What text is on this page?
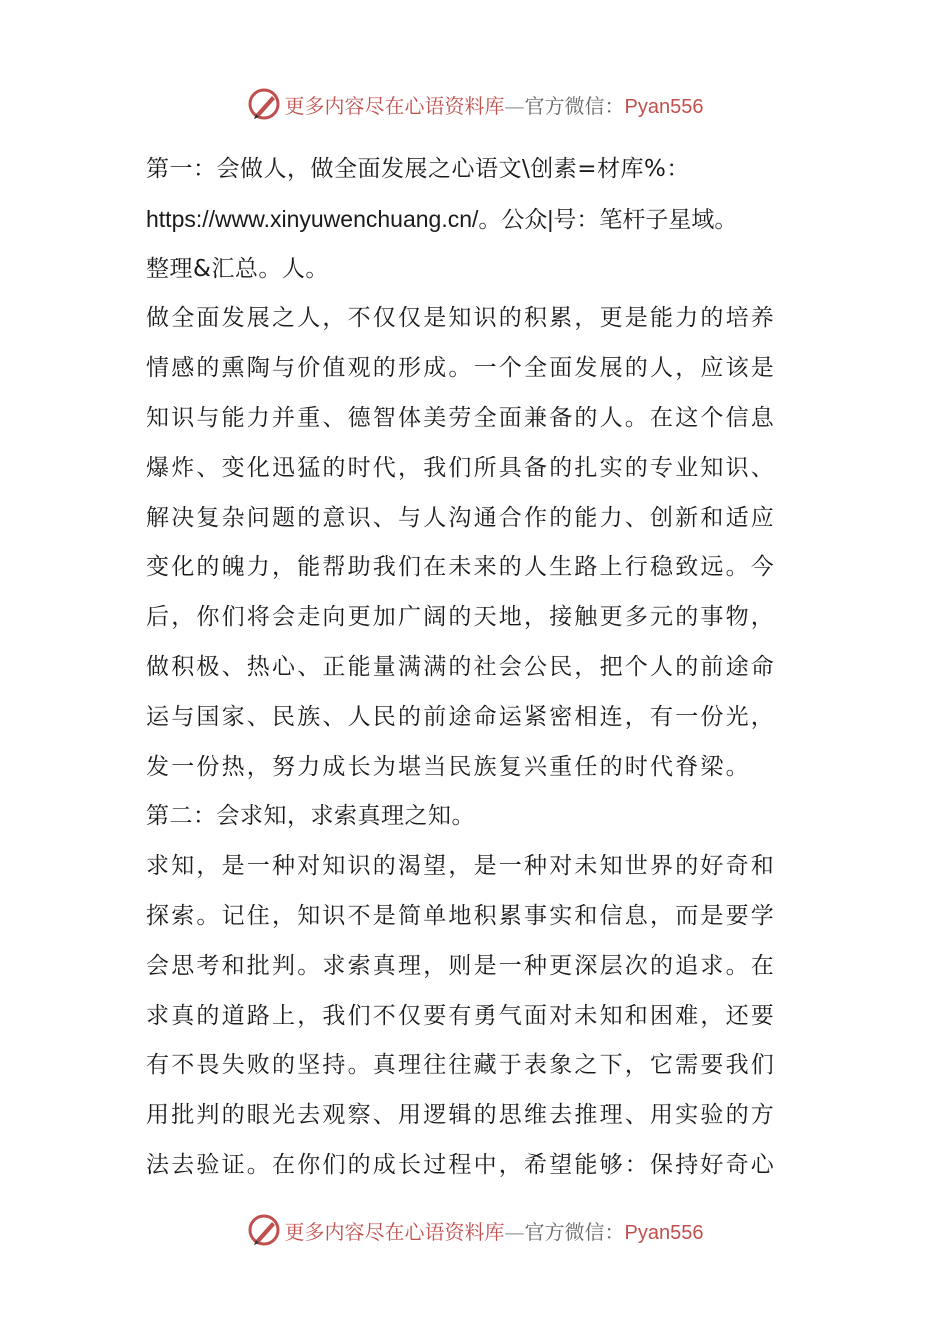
更多内容尽在心语资料库—官方微信：Pyan556
第一：会做人，做全面发展之心语文\创素=材库%：
https://www.xinyuwenchuang.cn/。公众|号：笔杆子星域。
整理&汇总。人。
做全面发展之人，不仅仅是知识的积累，更是能力的培养
情感的熏陶与价值观的形成。一个全面发展的人，应该是
知识与能力并重、德智体美劳全面兼备的人。在这个信息
爆炸、变化迅猛的时代，我们所具备的扎实的专业知识、
解决复杂问题的意识、与人沟通合作的能力、创新和适应
变化的魄力，能帮助我们在未来的人生路上行稳致远。今
后，你们将会走向更加广阔的天地，接触更多元的事物，
做积极、热心、正能量满满的社会公民，把个人的前途命
运与国家、民族、人民的前途命运紧密相连，有一份光，
发一份热，努力成长为堪当民族复兴重任的时代脊梁。
第二：会求知，求索真理之知。
求知，是一种对知识的渴望，是一种对未知世界的好奇和
探索。记住，知识不是简单地积累事实和信息，而是要学
会思考和批判。求索真理，则是一种更深层次的追求。在
求真的道路上，我们不仅要有勇气面对未知和困难，还要
有不畏失败的坚持。真理往往藏于表象之下，它需要我们
用批判的眼光去观察、用逻辑的思维去推理、用实验的方
法去验证。在你们的成长过程中，希望能够：保持好奇心
更多内容尽在心语资料库—官方微信：Pyan556
